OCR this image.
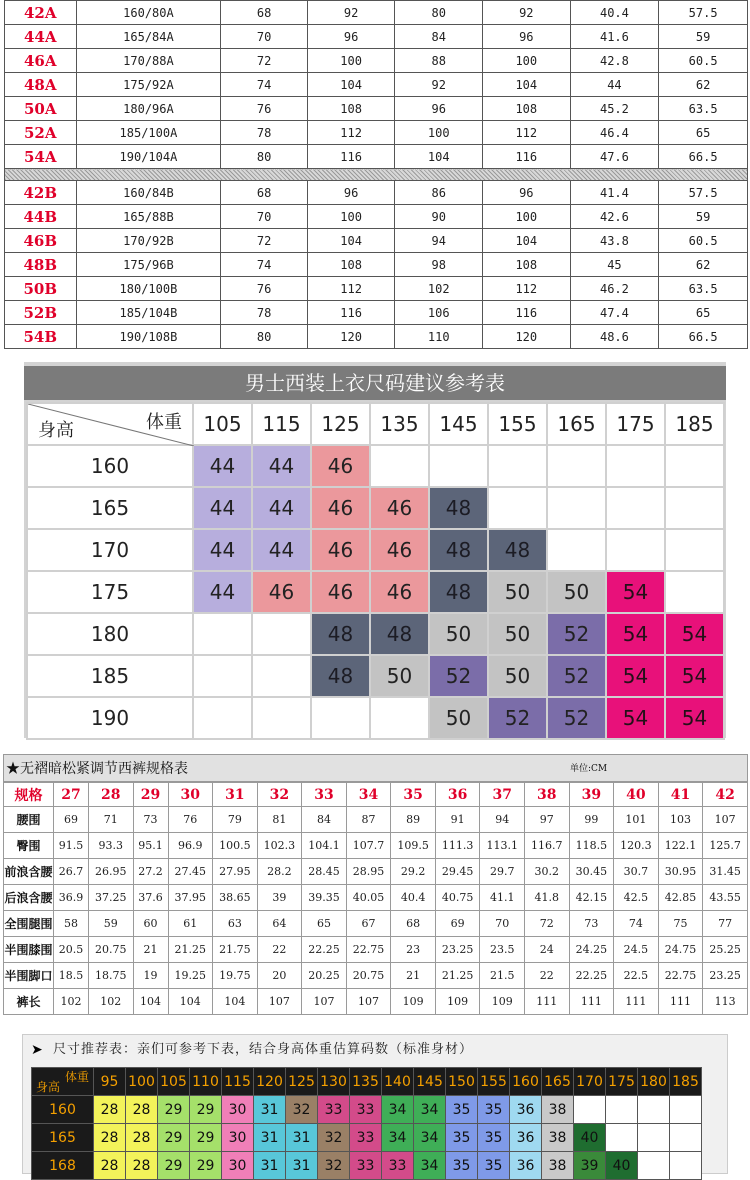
42A	160/80A	68	92	80	92	40.4	57.5
44A	165/84A	70	96	84	96	41.6	59
46A	170/88A	72	100	88	100	42.8	60.5
48A	175/92A	74	104	92	104	44	62
50A	180/96A	76	108	96	108	45.2	63.5
52A	185/100A	78	112	100	112	46.4	65
54A	190/104A	80	116	104	116	47.6	66.5

42B	160/84B	68	96	86	96	41.4	57.5
44B	165/88B	70	100	90	100	42.6	59
46B	170/92B	72	104	94	104	43.8	60.5
48B	175/96B	74	108	98	108	45	62
50B	180/100B	76	112	102	112	46.2	63.5
52B	185/104B	78	116	106	116	47.4	65
54B	190/108B	80	120	110	120	48.6	66.5
男士西装上衣尺码建议参考表
体重
身高	105	115	125	135	145	155	165	175	185
160	44	44	46						
165	44	44	46	46	48				
170	44	44	46	46	48	48			
175	44	46	46	46	48	50	50	54	
180			48	48	50	50	52	54	54
185			48	50	52	50	52	54	54
190					50	52	52	54	54
★无褶暗松紧调节西裤规格表	单位:CM
规格	27	28	29	30	31	32	33	34	35	36	37	38	39	40	41	42
腰围	69	71	73	76	79	81	84	87	89	91	94	97	99	101	103	107
臀围	91.5	93.3	95.1	96.9	100.5	102.3	104.1	107.7	109.5	111.3	113.1	116.7	118.5	120.3	122.1	125.7
前浪含腰	26.7	26.95	27.2	27.45	27.95	28.2	28.45	28.95	29.2	29.45	29.7	30.2	30.45	30.7	30.95	31.45
后浪含腰	36.9	37.25	37.6	37.95	38.65	39	39.35	40.05	40.4	40.75	41.1	41.8	42.15	42.5	42.85	43.55
全围腿围	58	59	60	61	63	64	65	67	68	69	70	72	73	74	75	77
半围膝围	20.5	20.75	21	21.25	21.75	22	22.25	22.75	23	23.25	23.5	24	24.25	24.5	24.75	25.25
半围脚口	18.5	18.75	19	19.25	19.75	20	20.25	20.75	21	21.25	21.5	22	22.25	22.5	22.75	23.25
裤长	102	102	104	104	104	107	107	107	109	109	109	111	111	111	111	113
➤ 尺寸推荐表：亲们可参考下表，结合身高体重估算码数（标准身材）
体重
身高	95	100	105	110	115	120	125	130	135	140	145	150	155	160	165	170	175	180	185
160	28	28	29	29	30	31	32	33	33	34	34	35	35	36	38				
165	28	28	29	29	30	31	31	32	33	34	34	35	35	36	38	40			
168	28	28	29	29	30	31	31	32	33	33	34	35	35	36	38	39	40		
